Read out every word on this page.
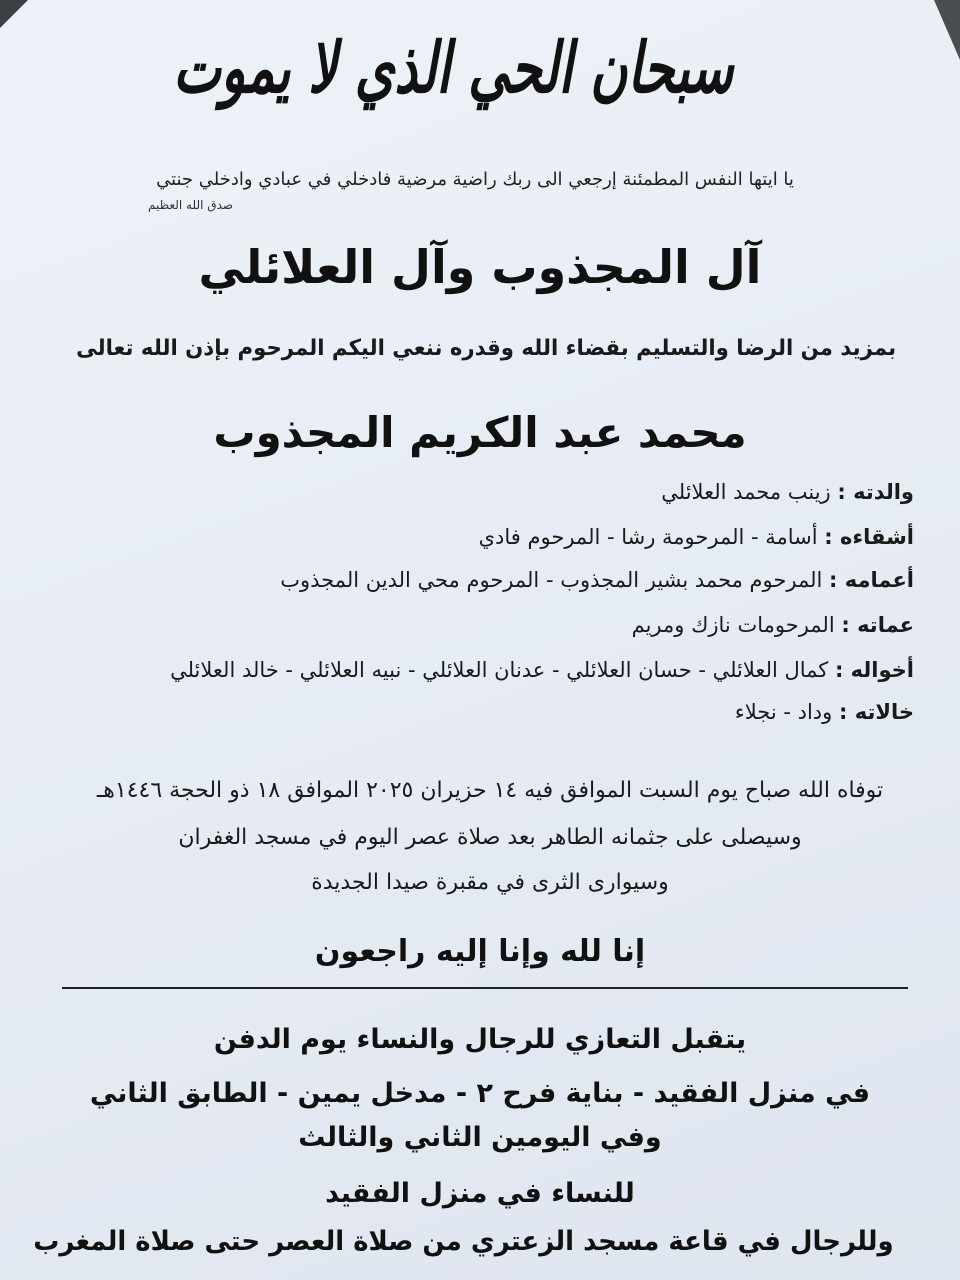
سبحان الحي الذي لا يموت
يا ايتها النفس المطمئنة إرجعي الى ربك راضية مرضية فادخلي في عبادي وادخلي جنتي
صدق الله العظيم
آل المجذوب وآل العلائلي
بمزيد من الرضا والتسليم بقضاء الله وقدره ننعي اليكم المرحوم بإذن الله تعالى
محمد عبد الكريم المجذوب
والدته : زينب محمد العلائلي
أشقاءه : أسامة - المرحومة رشا - المرحوم فادي
أعمامه : المرحوم محمد بشير المجذوب - المرحوم محي الدين المجذوب
عماته : المرحومات نازك ومريم
أخواله : كمال العلائلي - حسان العلائلي - عدنان العلائلي - نبيه العلائلي - خالد العلائلي
خالاته : وداد - نجلاء
توفاه الله صباح يوم السبت الموافق فيه ١٤ حزيران ٢٠٢٥ الموافق ١٨ ذو الحجة ١٤٤٦هـ
وسيصلى على جثمانه الطاهر بعد صلاة عصر اليوم في مسجد الغفران
وسيوارى الثرى في مقبرة صيدا الجديدة
إنا لله وإنا إليه راجعون
يتقبل التعازي للرجال والنساء يوم الدفن
في منزل الفقيد - بناية فرح ٢ - مدخل يمين - الطابق الثاني
وفي اليومين الثاني والثالث
للنساء في منزل الفقيد
وللرجال في قاعة مسجد الزعتري من صلاة العصر حتى صلاة المغرب
